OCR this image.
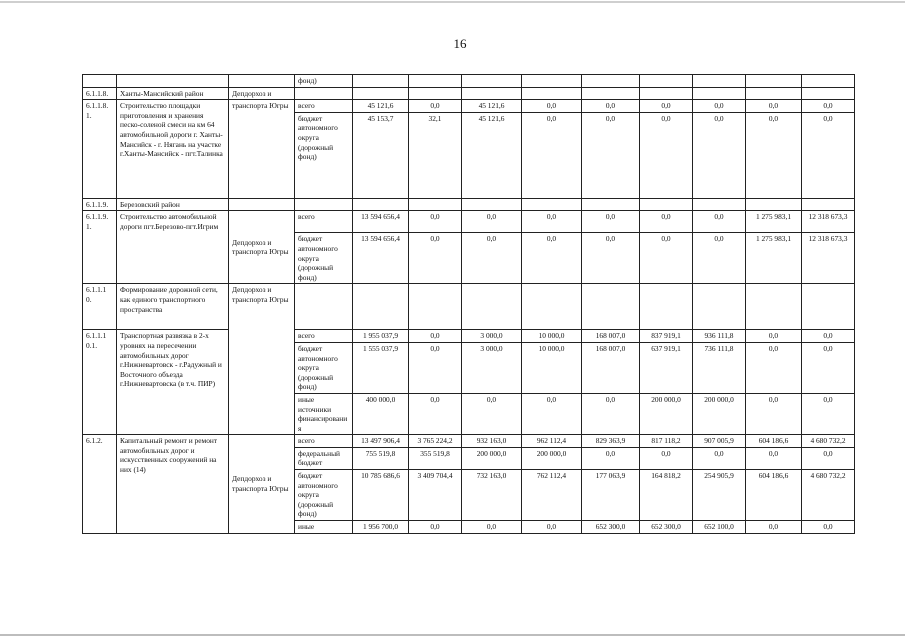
16
			фонд)									
6.1.1.8.	Ханты-Мансийский район	Депдорхоз и										
6.1.1.8. 1.	Строительство площадки приготовления и хранения песко-соленой смеси на км 64 автомобильной дороги г. Ханты-Мансийск - г. Нягань на участке г.Ханты-Мансийск - пгт.Талинка	транспорта Югры	всего	45 121,6	0,0	45 121,6	0,0	0,0	0,0	0,0	0,0	0,0
			бюджет автономного округа (дорожный фонд)	45 153,7	32,1	45 121,6	0,0	0,0	0,0	0,0	0,0	0,0
6.1.1.9.	Березовский район											
6.1.1.9. 1.	Строительство автомобильной дороги пгт.Березово-пгт.Игрим	Депдорхоз и транспорта Югры	всего	13 594 656,4	0,0	0,0	0,0	0,0	0,0	0,0	1 275 983,1	12 318 673,3
			бюджет автономного округа (дорожный фонд)	13 594 656,4	0,0	0,0	0,0	0,0	0,0	0,0	1 275 983,1	12 318 673,3
6.1.1.1 0.	Формирование дорожной сети, как единого транспортного пространства	Депдорхоз и транспорта Югры										
6.1.1.1 0.1.	Транспортная развязка в 2-х уровнях на пересечении автомобильных дорог г.Нижневартовск - г.Радужный и Восточного объезда г.Нижневартовска (в т.ч. ПИР)		всего	1 955 037,9	0,0	3 000,0	10 000,0	168 007,0	837 919,1	936 111,8	0,0	0,0
			бюджет автономного округа (дорожный фонд)	1 555 037,9	0,0	3 000,0	10 000,0	168 007,0	637 919,1	736 111,8	0,0	0,0
			иные источники финансирования	400 000,0	0,0	0,0	0,0	0,0	200 000,0	200 000,0	0,0	0,0
6.1.2.	Капитальный ремонт и ремонт автомобильных дорог и искусственных сооружений на них (14)	Депдорхоз и транспорта Югры	всего	13 497 906,4	3 765 224,2	932 163,0	962 112,4	829 363,9	817 118,2	907 005,9	604 186,6	4 680 732,2
			федеральный бюджет	755 519,8	355 519,8	200 000,0	200 000,0	0,0	0,0	0,0	0,0	0,0
			бюджет автономного округа (дорожный фонд)	10 785 686,6	3 409 704,4	732 163,0	762 112,4	177 063,9	164 818,2	254 905,9	604 186,6	4 680 732,2
			иные	1 956 700,0	0,0	0,0	0,0	652 300,0	652 300,0	652 100,0	0,0	0,0
